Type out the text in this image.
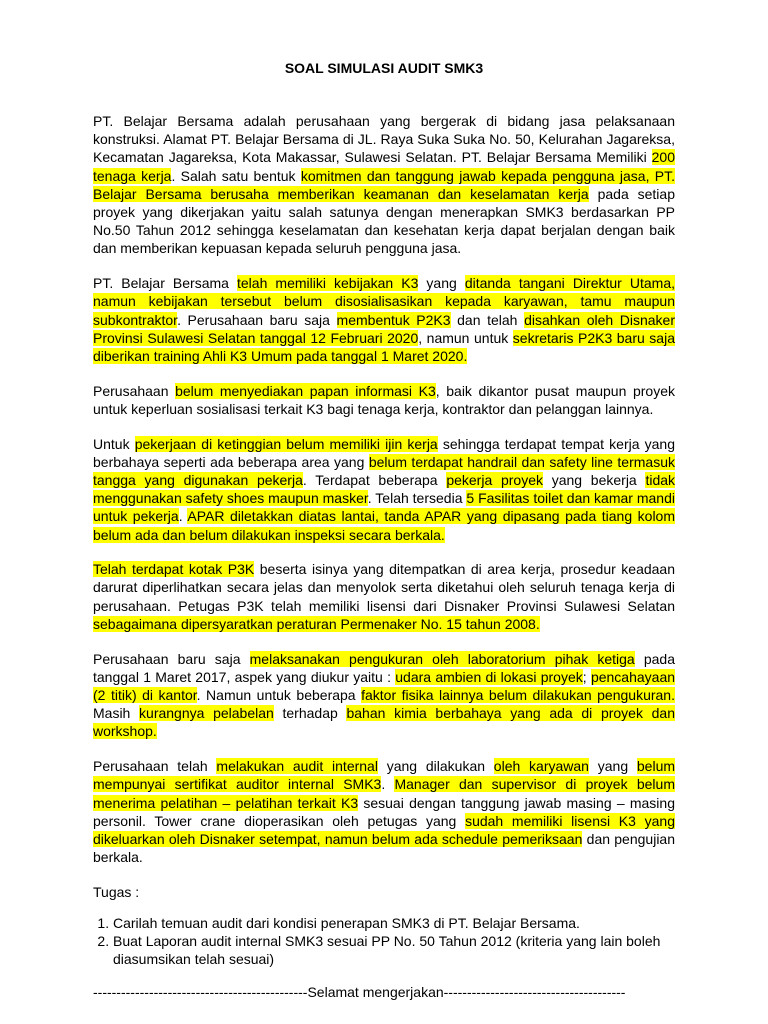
SOAL SIMULASI AUDIT SMK3

PT. Belajar Bersama adalah perusahaan yang bergerak di bidang jasa pelaksanaan konstruksi. Alamat PT. Belajar Bersama di JL. Raya Suka Suka No. 50, Kelurahan Jagareksa, Kecamatan Jagareksa, Kota Makassar, Sulawesi Selatan. PT. Belajar Bersama Memiliki 200 tenaga kerja. Salah satu bentuk komitmen dan tanggung jawab kepada pengguna jasa, PT. Belajar Bersama berusaha memberikan keamanan dan keselamatan kerja pada setiap proyek yang dikerjakan yaitu salah satunya dengan menerapkan SMK3 berdasarkan PP No.50 Tahun 2012 sehingga keselamatan dan kesehatan kerja dapat berjalan dengan baik dan memberikan kepuasan kepada seluruh pengguna jasa.

PT. Belajar Bersama telah memiliki kebijakan K3 yang ditanda tangani Direktur Utama, namun kebijakan tersebut belum disosialisasikan kepada karyawan, tamu maupun subkontraktor. Perusahaan baru saja membentuk P2K3 dan telah disahkan oleh Disnaker Provinsi Sulawesi Selatan tanggal 12 Februari 2020, namun untuk sekretaris P2K3 baru saja diberikan training Ahli K3 Umum pada tanggal 1 Maret 2020.

Perusahaan belum menyediakan papan informasi K3, baik dikantor pusat maupun proyek untuk keperluan sosialisasi terkait K3 bagi tenaga kerja, kontraktor dan pelanggan lainnya.

Untuk pekerjaan di ketinggian belum memiliki ijin kerja sehingga terdapat tempat kerja yang berbahaya seperti ada beberapa area yang belum terdapat handrail dan safety line termasuk tangga yang digunakan pekerja. Terdapat beberapa pekerja proyek yang bekerja tidak menggunakan safety shoes maupun masker. Telah tersedia 5 Fasilitas toilet dan kamar mandi untuk pekerja. APAR diletakkan diatas lantai, tanda APAR yang dipasang pada tiang kolom belum ada dan belum dilakukan inspeksi secara berkala.

Telah terdapat kotak P3K beserta isinya yang ditempatkan di area kerja, prosedur keadaan darurat diperlihatkan secara jelas dan menyolok serta diketahui oleh seluruh tenaga kerja di perusahaan. Petugas P3K telah memiliki lisensi dari Disnaker Provinsi Sulawesi Selatan sebagaimana dipersyaratkan peraturan Permenaker No. 15 tahun 2008.

Perusahaan baru saja melaksanakan pengukuran oleh laboratorium pihak ketiga pada tanggal 1 Maret 2017, aspek yang diukur yaitu : udara ambien di lokasi proyek; pencahayaan (2 titik) di kantor. Namun untuk beberapa faktor fisika lainnya belum dilakukan pengukuran. Masih kurangnya pelabelan terhadap bahan kimia berbahaya yang ada di proyek dan workshop.

Perusahaan telah melakukan audit internal yang dilakukan oleh karyawan yang belum mempunyai sertifikat auditor internal SMK3. Manager dan supervisor di proyek belum menerima pelatihan – pelatihan terkait K3 sesuai dengan tanggung jawab masing – masing personil. Tower crane dioperasikan oleh petugas yang sudah memiliki lisensi K3 yang dikeluarkan oleh Disnaker setempat, namun belum ada schedule pemeriksaan dan pengujian berkala.

Tugas :
1. Carilah temuan audit dari kondisi penerapan SMK3 di PT. Belajar Bersama.
2. Buat Laporan audit internal SMK3 sesuai PP No. 50 Tahun 2012 (kriteria yang lain boleh diasumsikan telah sesuai)
----------------------------------------------Selamat mengerjakan---------------------------------------
